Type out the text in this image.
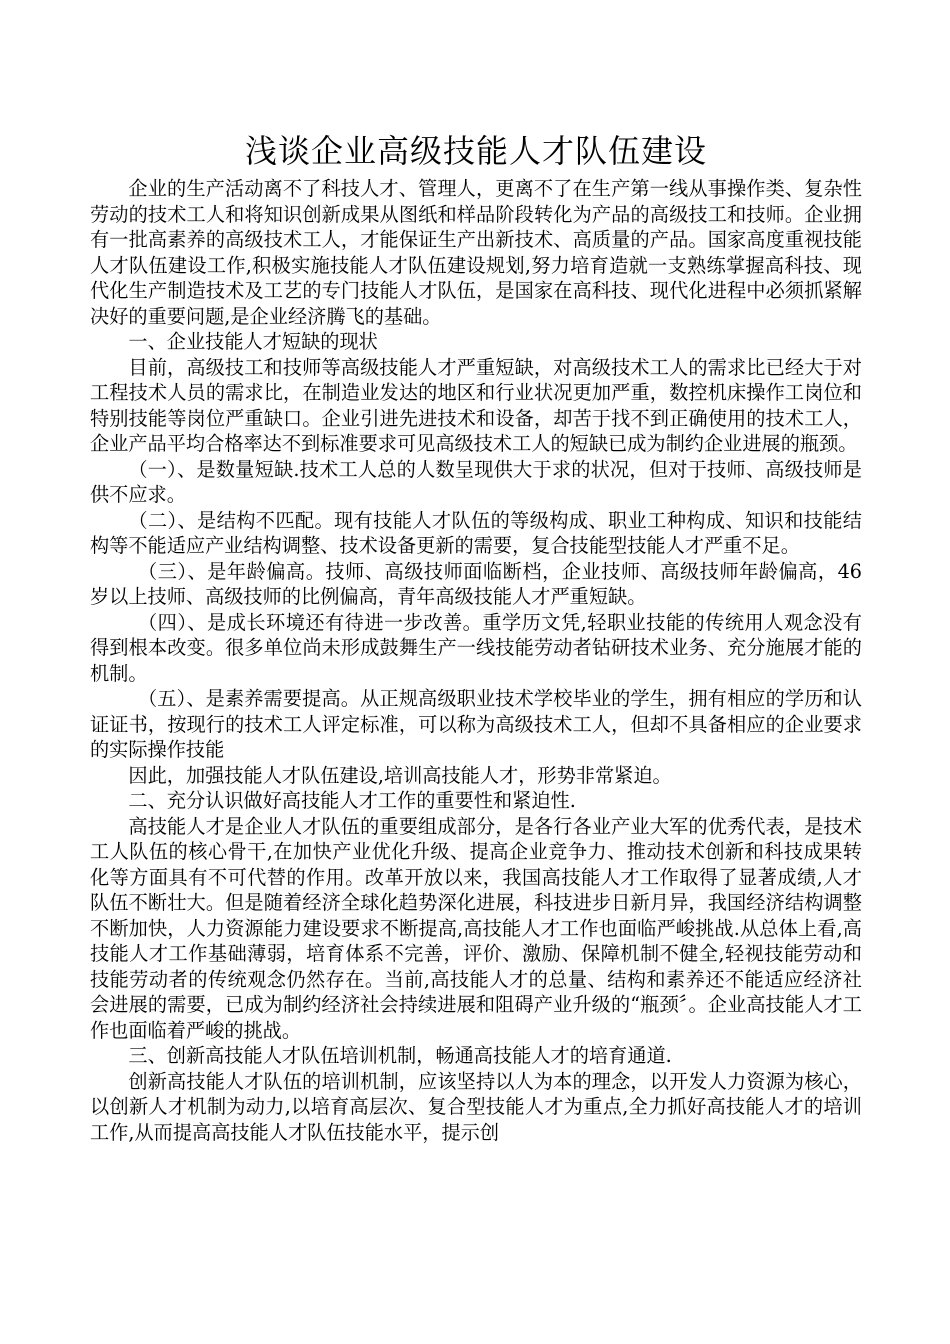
浅谈企业高级技能人才队伍建设

企业的生产活动离不了科技人才、管理人，更离不了在生产第一线从事操作类、复杂性劳动的技术工人和将知识创新成果从图纸和样品阶段转化为产品的高级技工和技师。企业拥有一批高素养的高级技术工人，才能保证生产出新技术、高质量的产品。国家高度重视技能人才队伍建设工作,积极实施技能人才队伍建设规划,努力培育造就一支熟练掌握高科技、现代化生产制造技术及工艺的专门技能人才队伍，是国家在高科技、现代化进程中必须抓紧解决好的重要问题,是企业经济腾飞的基础。

一、企业技能人才短缺的现状

目前，高级技工和技师等高级技能人才严重短缺，对高级技术工人的需求比已经大于对工程技术人员的需求比，在制造业发达的地区和行业状况更加严重，数控机床操作工岗位和特别技能等岗位严重缺口。企业引进先进技术和设备，却苦于找不到正确使用的技术工人，企业产品平均合格率达不到标准要求可见高级技术工人的短缺已成为制约企业进展的瓶颈。

（一）、是数量短缺.技术工人总的人数呈现供大于求的状况，但对于技师、高级技师是供不应求。

（二）、是结构不匹配。现有技能人才队伍的等级构成、职业工种构成、知识和技能结构等不能适应产业结构调整、技术设备更新的需要，复合技能型技能人才严重不足。

（三）、是年龄偏高。技师、高级技师面临断档，企业技师、高级技师年龄偏高，46 岁以上技师、高级技师的比例偏高，青年高级技能人才严重短缺。

（四）、是成长环境还有待进一步改善。重学历文凭,轻职业技能的传统用人观念没有得到根本改变。很多单位尚未形成鼓舞生产一线技能劳动者钻研技术业务、充分施展才能的机制。

（五）、是素养需要提高。从正规高级职业技术学校毕业的学生，拥有相应的学历和认证证书，按现行的技术工人评定标准，可以称为高级技术工人，但却不具备相应的企业要求的实际操作技能

因此，加强技能人才队伍建设,培训高技能人才，形势非常紧迫。

二、充分认识做好高技能人才工作的重要性和紧迫性.

高技能人才是企业人才队伍的重要组成部分，是各行各业产业大军的优秀代表，是技术工人队伍的核心骨干,在加快产业优化升级、提高企业竞争力、推动技术创新和科技成果转化等方面具有不可代替的作用。改革开放以来，我国高技能人才工作取得了显著成绩,人才队伍不断壮大。但是随着经济全球化趋势深化进展，科技进步日新月异，我国经济结构调整不断加快，人力资源能力建设要求不断提高,高技能人才工作也面临严峻挑战.从总体上看,高技能人才工作基础薄弱，培育体系不完善，评价、激励、保障机制不健全,轻视技能劳动和技能劳动者的传统观念仍然存在。当前,高技能人才的总量、结构和素养还不能适应经济社会进展的需要，已成为制约经济社会持续进展和阻碍产业升级的“瓶颈〞。企业高技能人才工作也面临着严峻的挑战。

三、创新高技能人才队伍培训机制，畅通高技能人才的培育通道.

创新高技能人才队伍的培训机制，应该坚持以人为本的理念，以开发人力资源为核心，以创新人才机制为动力,以培育高层次、复合型技能人才为重点,全力抓好高技能人才的培训工作,从而提高高技能人才队伍技能水平，提示创
